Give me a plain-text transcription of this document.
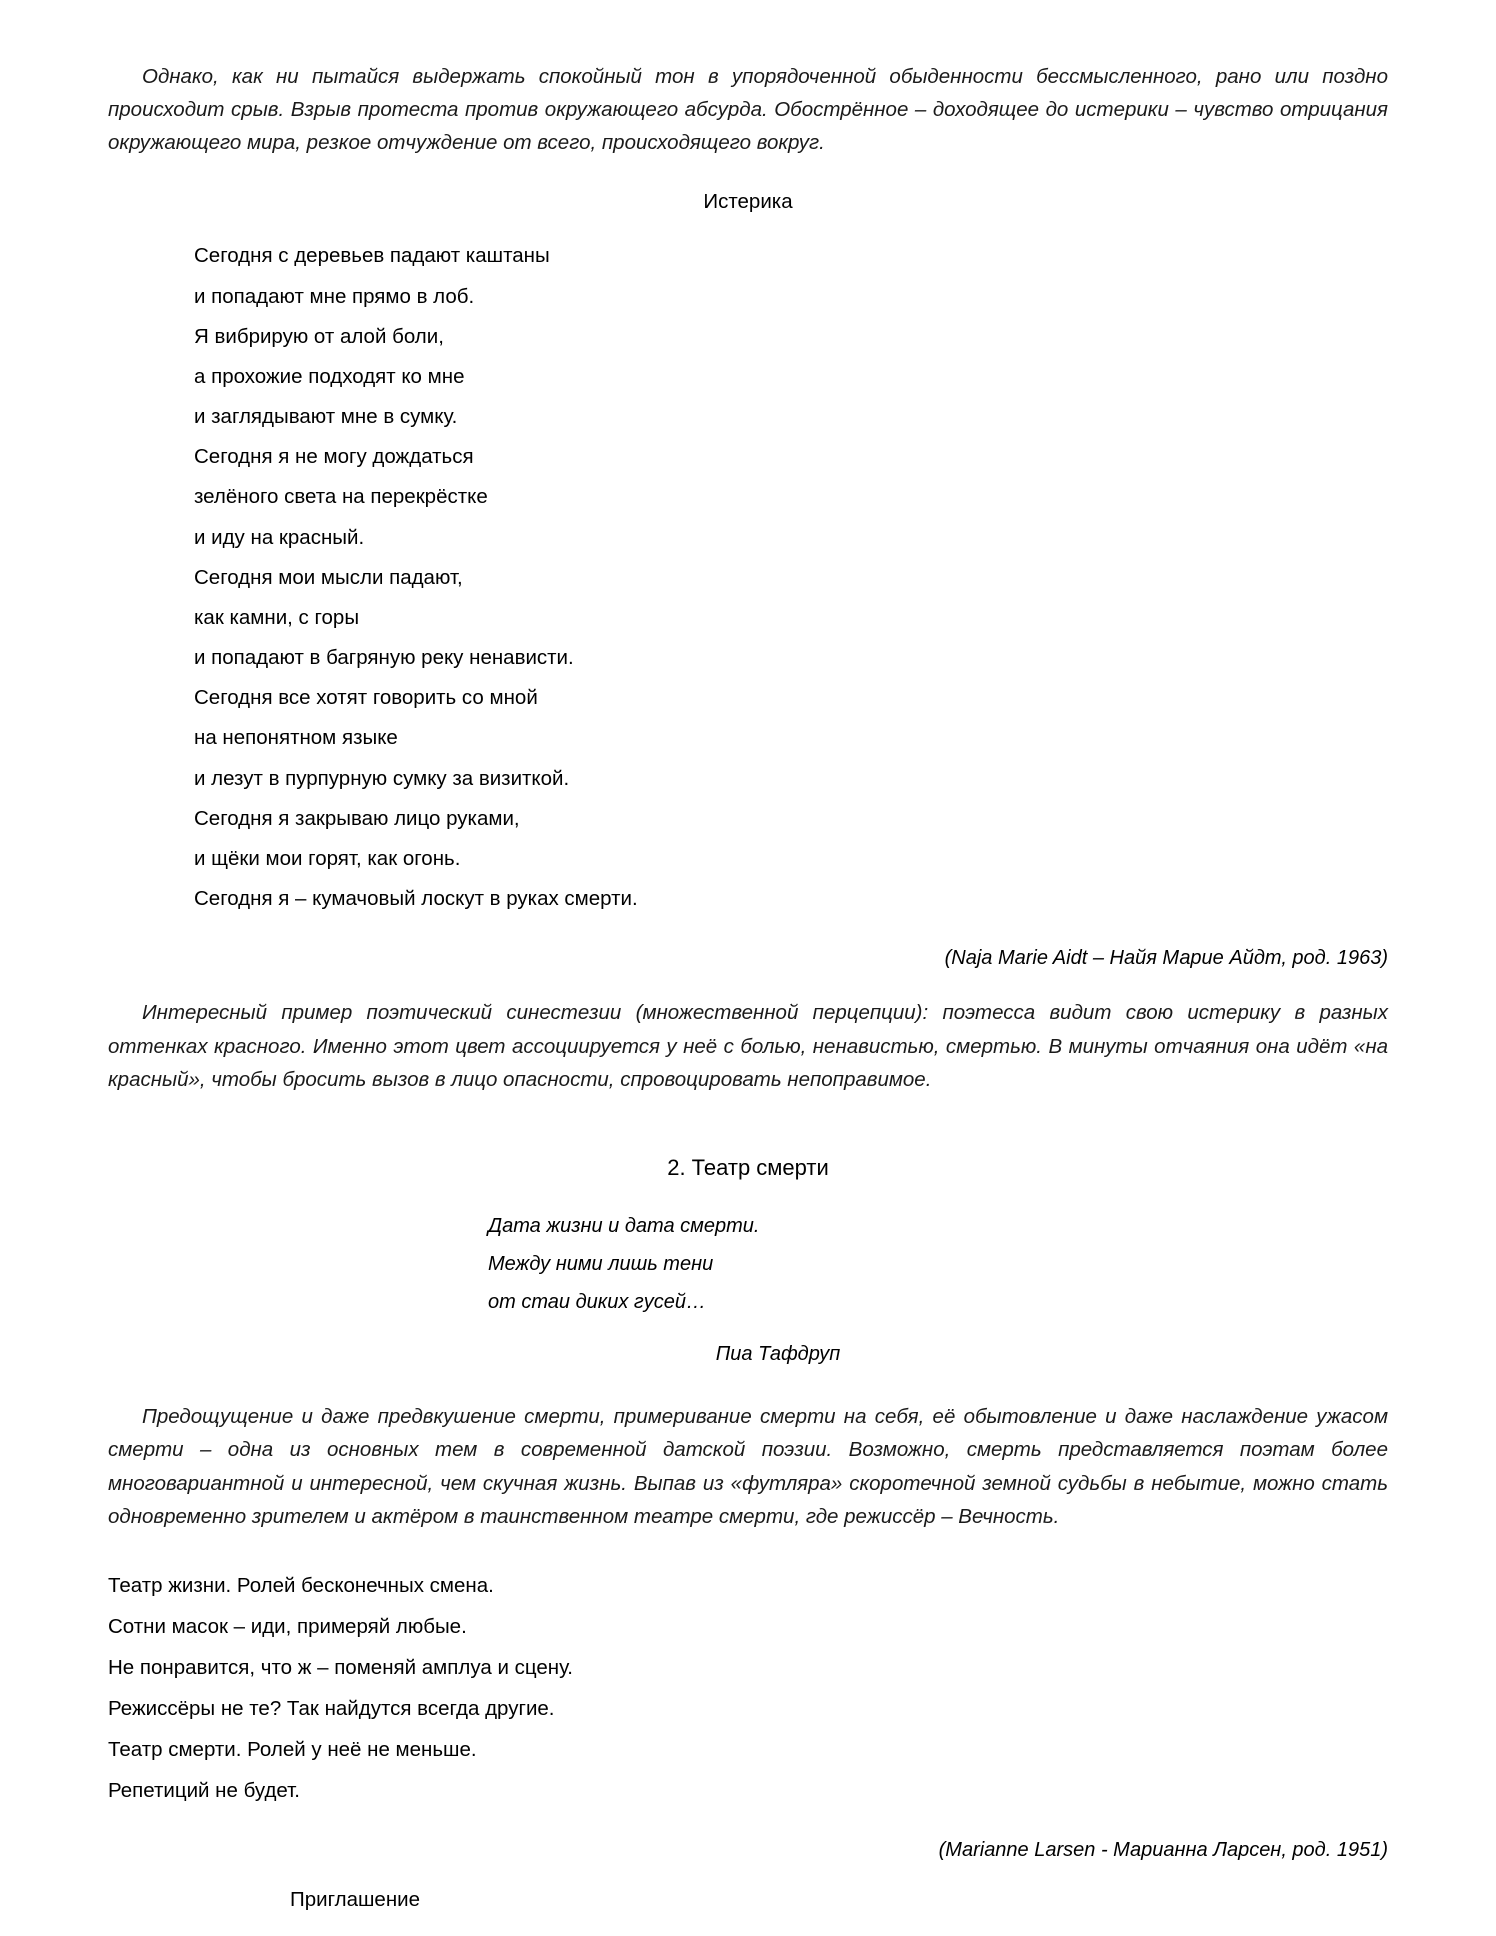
Однако, как ни пытайся выдержать спокойный тон в упорядоченной обыденности бессмысленного, рано или поздно происходит срыв. Взрыв протеста против окружающего абсурда. Обострённое – доходящее до истерики – чувство отрицания окружающего мира, резкое отчуждение от всего, происходящего вокруг.

Истерика
Сегодня с деревьев падают каштаны
и попадают мне прямо в лоб.
Я вибрирую от алой боли,
а прохожие подходят ко мне
и заглядывают мне в сумку.
Сегодня я не могу дождаться
зелёного света на перекрёстке
и иду на красный.
Сегодня мои мысли падают,
как камни, с горы
и попадают в багряную реку ненависти.
Сегодня все хотят говорить со мной
на непонятном языке
и лезут в пурпурную сумку за визиткой.
Сегодня я закрываю лицо руками,
и щёки мои горят, как огонь.
Сегодня я – кумачовый лоскут в руках смерти.
(Naja Marie Aidt – Найя Марие Айдт, род. 1963)

Интересный пример поэтический синестезии (множественной перцепции): поэтесса видит свою истерику в разных оттенках красного. Именно этот цвет ассоциируется у неё с болью, ненавистью, смертью. В минуты отчаяния она идёт «на красный», чтобы бросить вызов в лицо опасности, спровоцировать непоправимое.

2. Театр смерти
Дата жизни и дата смерти.
Между ними лишь тени
от стаи диких гусей…
Пиа Тафдруп

Предощущение и даже предвкушение смерти, примеривание смерти на себя, её обытовление и даже наслаждение ужасом смерти – одна из основных тем в современной датской поэзии. Возможно, смерть представляется поэтам более многовариантной и интересной, чем скучная жизнь. Выпав из «футляра» скоротечной земной судьбы в небытие, можно стать одновременно зрителем и актёром в таинственном театре смерти, где режиссёр – Вечность.

Театр жизни. Ролей бесконечных смена.
Сотни масок – иди, примеряй любые.
Не понравится, что ж – поменяй амплуа и сцену.
Режиссёры не те? Так найдутся всегда другие.
Театр смерти. Ролей у неё не меньше.
Репетиций не будет.
(Marianne Larsen - Марианна Ларсен, род. 1951)
Приглашение
